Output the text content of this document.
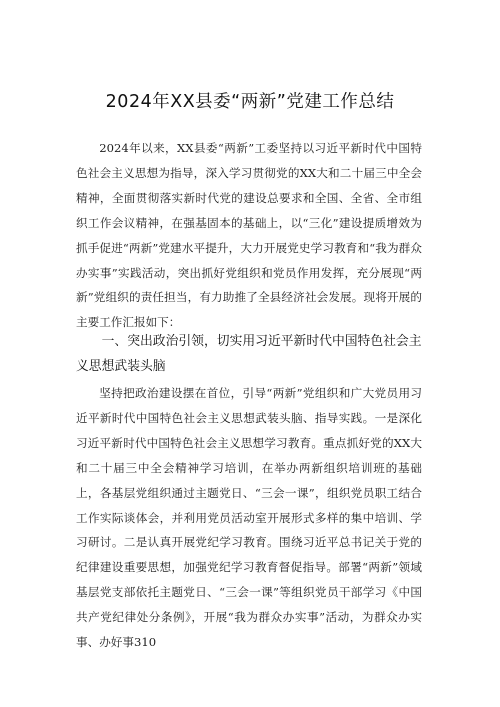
2024年XX县委“两新”党建工作总结

2024年以来，XX县委“两新”工委坚持以习近平新时代中国特色社会主义思想为指导，深入学习贯彻党的XX大和二十届三中全会精神，全面贯彻落实新时代党的建设总要求和全国、全省、全市组织工作会议精神，在强基固本的基础上，以“三化”建设提质增效为抓手促进“两新”党建水平提升，大力开展党史学习教育和“我为群众办实事”实践活动，突出抓好党组织和党员作用发挥，充分展现“两新”党组织的责任担当，有力助推了全县经济社会发展。现将开展的主要工作汇报如下：

一、突出政治引领，切实用习近平新时代中国特色社会主义思想武装头脑

坚持把政治建设摆在首位，引导“两新”党组织和广大党员用习近平新时代中国特色社会主义思想武装头脑、指导实践。一是深化习近平新时代中国特色社会主义思想学习教育。重点抓好党的XX大和二十届三中全会精神学习培训，在举办两新组织培训班的基础上，各基层党组织通过主题党日、“三会一课”，组织党员职工结合工作实际谈体会，并利用党员活动室开展形式多样的集中培训、学习研讨。二是认真开展党纪学习教育。围绕习近平总书记关于党的纪律建设重要思想，加强党纪学习教育督促指导。部署“两新”领域基层党支部依托主题党日、“三会一课”等组织党员干部学习《中国共产党纪律处分条例》，开展“我为群众办实事”活动，为群众办实事、办好事310
